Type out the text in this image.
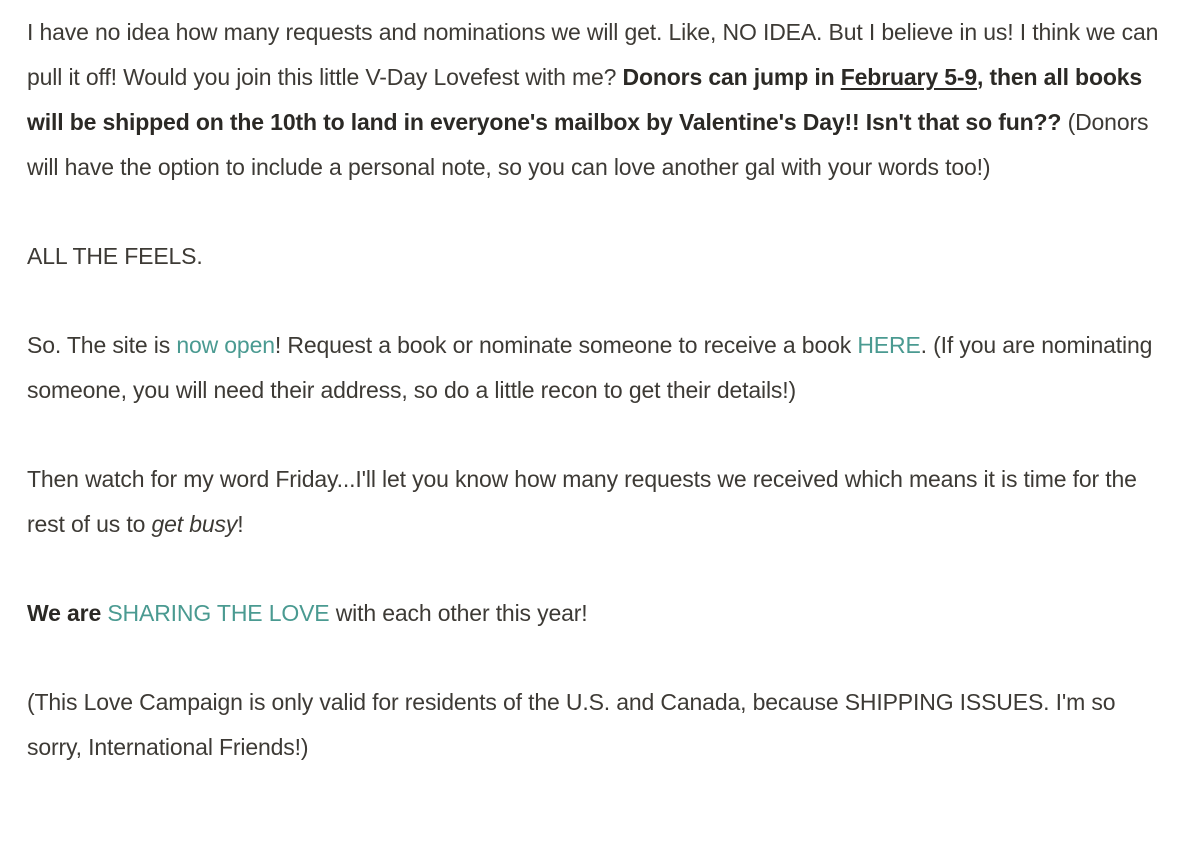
I have no idea how many requests and nominations we will get. Like, NO IDEA. But I believe in us! I think we can pull it off! Would you join this little V-Day Lovefest with me? Donors can jump in February 5-9, then all books will be shipped on the 10th to land in everyone's mailbox by Valentine's Day!! Isn't that so fun?? (Donors will have the option to include a personal note, so you can love another gal with your words too!)

ALL THE FEELS.

So. The site is now open! Request a book or nominate someone to receive a book HERE. (If you are nominating someone, you will need their address, so do a little recon to get their details!)

Then watch for my word Friday...I'll let you know how many requests we received which means it is time for the rest of us to get busy!

We are SHARING THE LOVE with each other this year!

(This Love Campaign is only valid for residents of the U.S. and Canada, because SHIPPING ISSUES. I'm so sorry, International Friends!)
